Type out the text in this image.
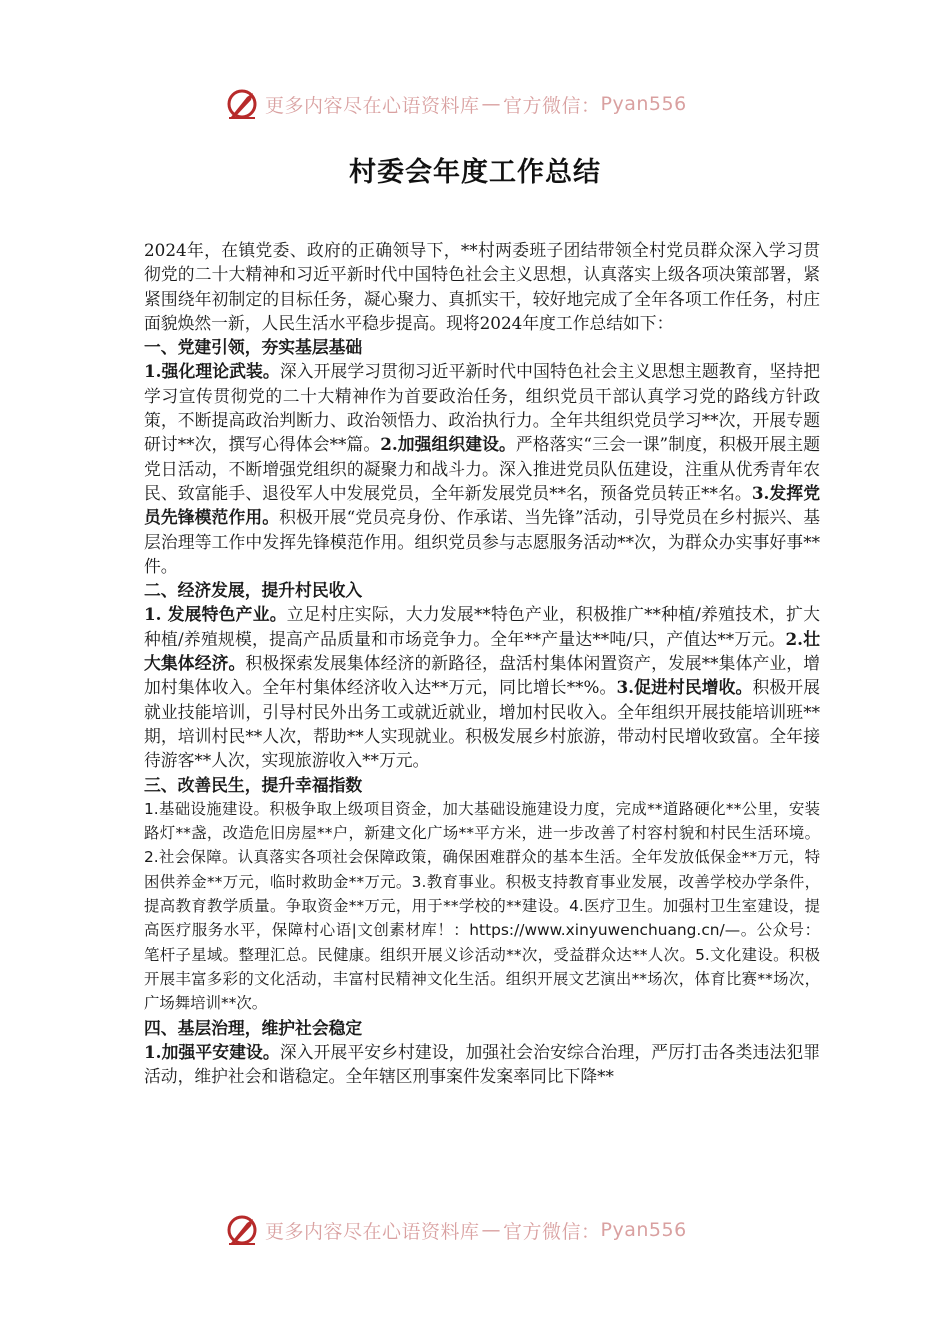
更多内容尽在心语资料库 — 官方微信： Pyan556
村委会年度工作总结

2024年，在镇党委、政府的正确领导下，**村两委班子团结带领全村党员群众深入学习贯彻党的二十大精神和习近平新时代中国特色社会主义思想，认真落实上级各项决策部署，紧紧围绕年初制定的目标任务，凝心聚力、真抓实干，较好地完成了全年各项工作任务，村庄面貌焕然一新，人民生活水平稳步提高。现将2024年度工作总结如下：

一、党建引领，夯实基层基础

1.强化理论武装。深入开展学习贯彻习近平新时代中国特色社会主义思想主题教育，坚持把学习宣传贯彻党的二十大精神作为首要政治任务，组织党员干部认真学习党的路线方针政策，不断提高政治判断力、政治领悟力、政治执行力。全年共组织党员学习**次，开展专题研讨**次，撰写心得体会**篇。2.加强组织建设。严格落实“三会一课”制度，积极开展主题党日活动，不断增强党组织的凝聚力和战斗力。深入推进党员队伍建设，注重从优秀青年农民、致富能手、退役军人中发展党员，全年新发展党员**名，预备党员转正**名。3.发挥党员先锋模范作用。积极开展“党员亮身份、作承诺、当先锋”活动，引导党员在乡村振兴、基层治理等工作中发挥先锋模范作用。组织党员参与志愿服务活动**次，为群众办实事好事**件。

二、经济发展，提升村民收入

1. 发展特色产业。立足村庄实际，大力发展**特色产业，积极推广**种植/养殖技术，扩大种植/养殖规模，提高产品质量和市场竞争力。全年**产量达**吨/只，产值达**万元。2.壮大集体经济。积极探索发展集体经济的新路径，盘活村集体闲置资产，发展**集体产业，增加村集体收入。全年村集体经济收入达**万元，同比增长**%。3.促进村民增收。积极开展就业技能培训，引导村民外出务工或就近就业，增加村民收入。全年组织开展技能培训班**期，培训村民**人次，帮助**人实现就业。积极发展乡村旅游，带动村民增收致富。全年接待游客**人次，实现旅游收入**万元。

三、改善民生，提升幸福指数

1.基础设施建设。积极争取上级项目资金，加大基础设施建设力度，完成**道路硬化**公里，安装路灯**盏，改造危旧房屋**户，新建文化广场**平方米，进一步改善了村容村貌和村民生活环境。2.社会保障。认真落实各项社会保障政策，确保困难群众的基本生活。全年发放低保金**万元，特困供养金**万元，临时救助金**万元。3.教育事业。积极支持教育事业发展，改善学校办学条件，提高教育教学质量。争取资金**万元，用于**学校的**建设。4.医疗卫生。加强村卫生室建设，提高医疗服务水平，保障村心语|文创素材库！：https://www.xinyuwenchuang.cn/—。公众号：笔杆子星域。整理汇总。民健康。组织开展义诊活动**次，受益群众达**人次。5.文化建设。积极开展丰富多彩的文化活动，丰富村民精神文化生活。组织开展文艺演出**场次，体育比赛**场次，广场舞培训**次。

四、基层治理，维护社会稳定

1.加强平安建设。深入开展平安乡村建设，加强社会治安综合治理，严厉打击各类违法犯罪活动，维护社会和谐稳定。全年辖区刑事案件发案率同比下降**

更多内容尽在心语资料库 — 官方微信： Pyan556
